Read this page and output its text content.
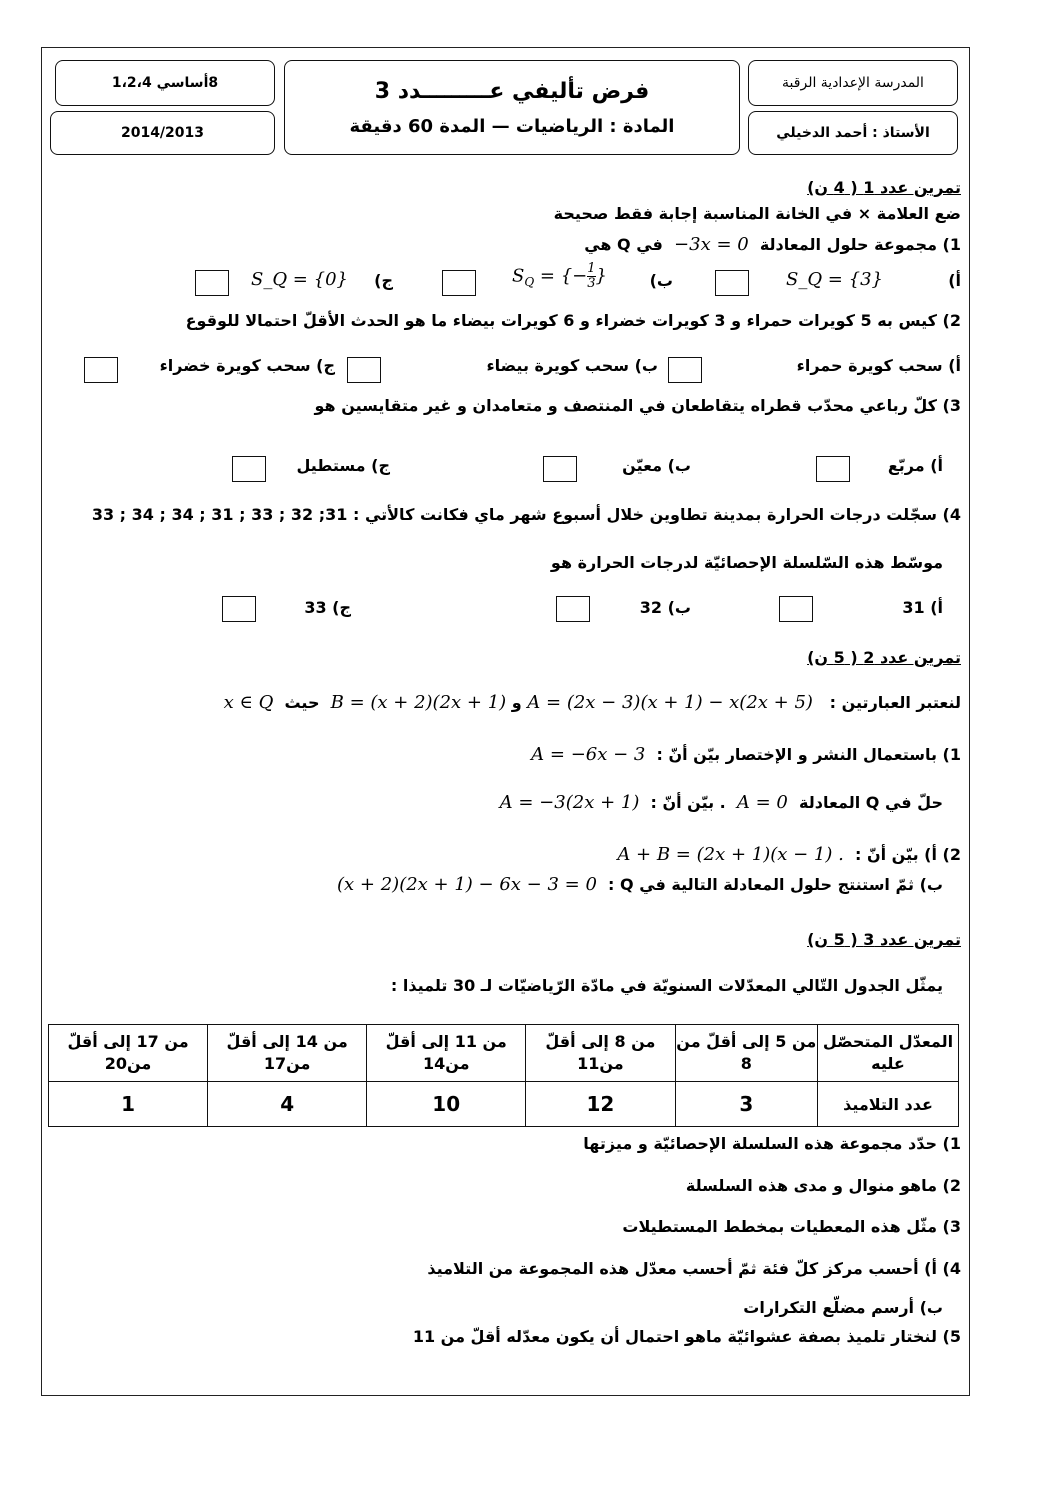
8أساسي 1،2،4
2014/2013
فرض تأليفي عـــــــــدد 3
المادة : الرياضيات — المدة 60 دقيقة
المدرسة الإعدادية الرقبة
الأستاذ : أحمد الدخيلي
تمرين عدد 1 ( 4 ن)
ضع العلامة × في الخانة المناسبة إجابة فقط صحيحة
1) مجموعة حلول المعادلة  −3x = 0  في Q هي
أ)
S_Q = {3}
ب)
$S_Q$ = {− $\frac{1}{3}$ }
ج)
S_Q = {0}
2) كيس به 5 كويرات حمراء و 3 كويرات خضراء و 6 كويرات بيضاء ما هو الحدث الأقلّ احتمالا للوقوع
أ) سحب كويرة حمراء
ب) سحب كويرة بيضاء
ج) سحب كويرة خضراء
3) كلّ رباعي محدّب قطراه يتقاطعان في المنتصف و متعامدان و غير متقايسين هو
أ) مربّع
ب) معيّن
ج) مستطيل
4) سجّلت درجات الحرارة بمدينة تطاوين خلال أسبوع شهر ماي فكانت كالأتي : 31; 32 ; 33 ; 31 ; 34 ; 34 ; 33
موسّط هذه السّلسلة الإحصائيّة لدرجات الحرارة هو
أ) 31
ب) 32
ج) 33
تمرين عدد 2 ( 5 ن)
لنعتبر العبارتين :   A = (2x − 3)(x + 1) − x(2x + 5) و B = (x + 2)(2x + 1)  حيث  x ∈ Q
1) باستعمال النشر و الإختصار بيّن أنّ :  A = −6x − 3
حلّ في Q المعادلة  A = 0  . بيّن أنّ :  A = −3(2x + 1)
2) أ) بيّن أنّ :  A + B = (2x + 1)(x − 1) .
ب) ثمّ استنتج حلول المعادلة التالية في Q :  (x + 2)(2x + 1) − 6x − 3 = 0
تمرين عدد 3 ( 5 ن)
يمثّل الجدول التّالي المعدّلات السنويّة في مادّة الرّياضيّات لـ 30 تلميذا :
المعدّل المتحصّل عليه	من 5 إلى أقلّ من 8	من 8 إلى أقلّ من11	من 11 إلى أقلّ من14	من 14 إلى أقلّ من17	من 17 إلى أقلّ من20
عدد التلاميذ	3	12	10	4	1
1) حدّد مجموعة هذه السلسلة الإحصائيّة و ميزتها
2) ماهو منوال و مدى هذه السلسلة
3) مثّل هذه المعطيات بمخطط المستطيلات
4) أ) أحسب مركز كلّ فئة ثمّ أحسب معدّل هذه المجموعة من التلاميذ
ب) أرسم مضلّع التكرارات
5) لنختار تلميذ بصفة عشوائيّة ماهو احتمال أن يكون معدّله أقلّ من 11
